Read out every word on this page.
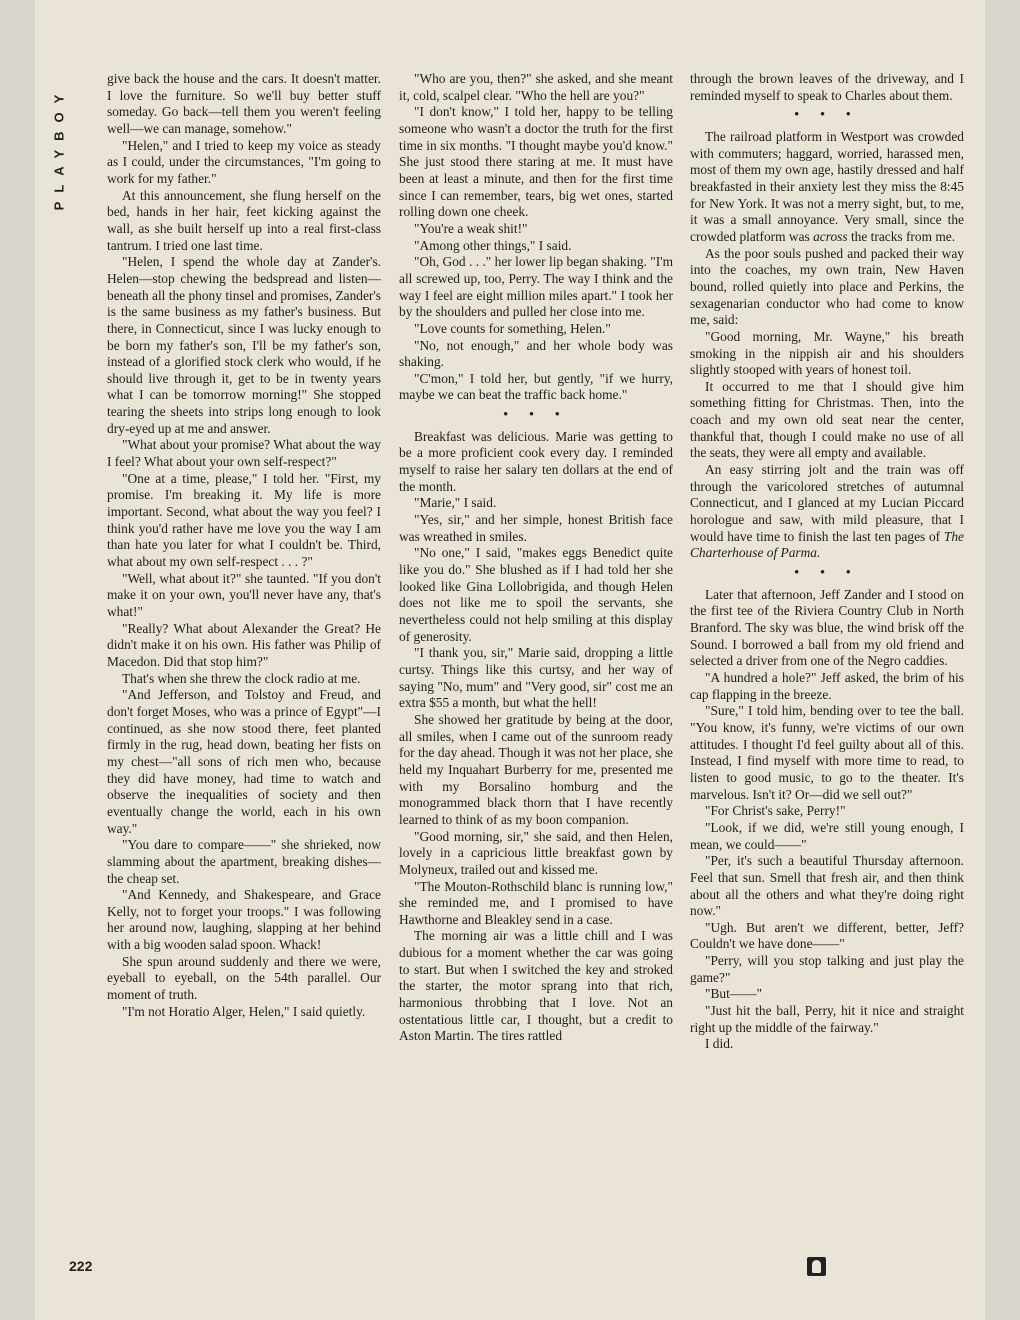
PLAYBOY

give back the house and the cars. It doesn't matter. I love the furniture. So we'll buy better stuff someday. Go back—tell them you weren't feeling well—we can manage, somehow."

"Helen," and I tried to keep my voice as steady as I could, under the circumstances, "I'm going to work for my father."

At this announcement, she flung herself on the bed, hands in her hair, feet kicking against the wall, as she built herself up into a real first-class tantrum. I tried one last time.

"Helen, I spend the whole day at Zander's. Helen—stop chewing the bedspread and listen—beneath all the phony tinsel and promises, Zander's is the same business as my father's business. But there, in Connecticut, since I was lucky enough to be born my father's son, I'll be my father's son, instead of a glorified stock clerk who would, if he should live through it, get to be in twenty years what I can be tomorrow morning!" She stopped tearing the sheets into strips long enough to look dry-eyed up at me and answer.

"What about your promise? What about the way I feel? What about your own self-respect?"

"One at a time, please," I told her. "First, my promise. I'm breaking it. My life is more important. Second, what about the way you feel? I think you'd rather have me love you the way I am than hate you later for what I couldn't be. Third, what about my own self-respect . . . ?"

"Well, what about it?" she taunted. "If you don't make it on your own, you'll never have any, that's what!"

"Really? What about Alexander the Great? He didn't make it on his own. His father was Philip of Macedon. Did that stop him?"

That's when she threw the clock radio at me.

"And Jefferson, and Tolstoy and Freud, and don't forget Moses, who was a prince of Egypt"—I continued, as she now stood there, feet planted firmly in the rug, head down, beating her fists on my chest—"all sons of rich men who, because they did have money, had time to watch and observe the inequalities of society and then eventually change the world, each in his own way."

"You dare to compare——" she shrieked, now slamming about the apartment, breaking dishes—the cheap set.

"And Kennedy, and Shakespeare, and Grace Kelly, not to forget your troops." I was following her around now, laughing, slapping at her behind with a big wooden salad spoon. Whack!

She spun around suddenly and there we were, eyeball to eyeball, on the 54th parallel. Our moment of truth.

"I'm not Horatio Alger, Helen," I said quietly.

"Who are you, then?" she asked, and she meant it, cold, scalpel clear. "Who the hell are you?"

"I don't know," I told her, happy to be telling someone who wasn't a doctor the truth for the first time in six months. "I thought maybe you'd know." She just stood there staring at me. It must have been at least a minute, and then for the first time since I can remember, tears, big wet ones, started rolling down one cheek.

"You're a weak shit!"

"Among other things," I said.

"Oh, God . . ." her lower lip began shaking. "I'm all screwed up, too, Perry. The way I think and the way I feel are eight million miles apart." I took her by the shoulders and pulled her close into me.

"Love counts for something, Helen."

"No, not enough," and her whole body was shaking.

"C'mon," I told her, but gently, "if we hurry, maybe we can beat the traffic back home."

• • •

Breakfast was delicious. Marie was getting to be a more proficient cook every day. I reminded myself to raise her salary ten dollars at the end of the month.

"Marie," I said.

"Yes, sir," and her simple, honest British face was wreathed in smiles.

"No one," I said, "makes eggs Benedict quite like you do." She blushed as if I had told her she looked like Gina Lollobrigida, and though Helen does not like me to spoil the servants, she nevertheless could not help smiling at this display of generosity.

"I thank you, sir," Marie said, dropping a little curtsy. Things like this curtsy, and her way of saying "No, mum" and "Very good, sir" cost me an extra $55 a month, but what the hell!

She showed her gratitude by being at the door, all smiles, when I came out of the sunroom ready for the day ahead. Though it was not her place, she held my Inquahart Burberry for me, presented me with my Borsalino homburg and the monogrammed black thorn that I have recently learned to think of as my boon companion.

"Good morning, sir," she said, and then Helen, lovely in a capricious little breakfast gown by Molyneux, trailed out and kissed me.

"The Mouton-Rothschild blanc is running low," she reminded me, and I promised to have Hawthorne and Bleakley send in a case.

The morning air was a little chill and I was dubious for a moment whether the car was going to start. But when I switched the key and stroked the starter, the motor sprang into that rich, harmonious throbbing that I love. Not an ostentatious little car, I thought, but a credit to Aston Martin. The tires rattled

through the brown leaves of the driveway, and I reminded myself to speak to Charles about them.

• • •

The railroad platform in Westport was crowded with commuters; haggard, worried, harassed men, most of them my own age, hastily dressed and half breakfasted in their anxiety lest they miss the 8:45 for New York. It was not a merry sight, but, to me, it was a small annoyance. Very small, since the crowded platform was across the tracks from me.

As the poor souls pushed and packed their way into the coaches, my own train, New Haven bound, rolled quietly into place and Perkins, the sexagenarian conductor who had come to know me, said:

"Good morning, Mr. Wayne," his breath smoking in the nippish air and his shoulders slightly stooped with years of honest toil.

It occurred to me that I should give him something fitting for Christmas. Then, into the coach and my own old seat near the center, thankful that, though I could make no use of all the seats, they were all empty and available.

An easy stirring jolt and the train was off through the varicolored stretches of autumnal Connecticut, and I glanced at my Lucian Piccard horologue and saw, with mild pleasure, that I would have time to finish the last ten pages of The Charterhouse of Parma.

• • •

Later that afternoon, Jeff Zander and I stood on the first tee of the Riviera Country Club in North Branford. The sky was blue, the wind brisk off the Sound. I borrowed a ball from my old friend and selected a driver from one of the Negro caddies.

"A hundred a hole?" Jeff asked, the brim of his cap flapping in the breeze.

"Sure," I told him, bending over to tee the ball. "You know, it's funny, we're victims of our own attitudes. I thought I'd feel guilty about all of this. Instead, I find myself with more time to read, to listen to good music, to go to the theater. It's marvelous. Isn't it? Or—did we sell out?"

"For Christ's sake, Perry!"

"Look, if we did, we're still young enough, I mean, we could——"

"Per, it's such a beautiful Thursday afternoon. Feel that sun. Smell that fresh air, and then think about all the others and what they're doing right now."

"Ugh. But aren't we different, better, Jeff? Couldn't we have done——"

"Perry, will you stop talking and just play the game?"

"But——"

"Just hit the ball, Perry, hit it nice and straight right up the middle of the fairway."

I did.

222
